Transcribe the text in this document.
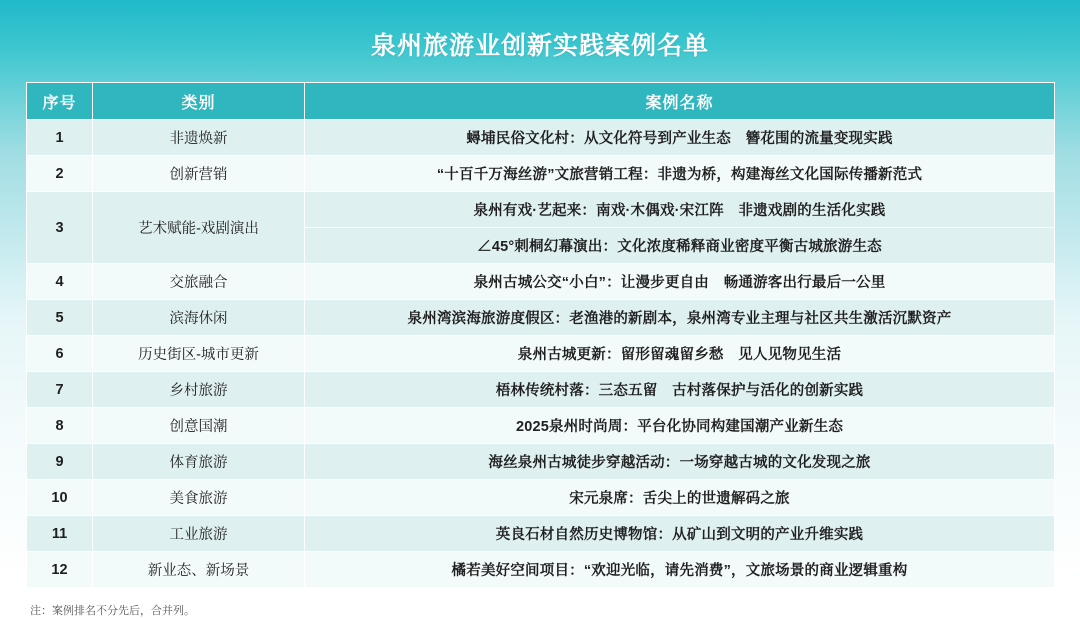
泉州旅游业创新实践案例名单
序号	类别	案例名称
1	非遗焕新	蟳埔民俗文化村：从文化符号到产业生态　簪花围的流量变现实践
2	创新营销	“十百千万海丝游”文旅营销工程：非遗为桥，构建海丝文化国际传播新范式
3	艺术赋能-戏剧演出	泉州有戏·艺起来：南戏·木偶戏·宋江阵　非遗戏剧的生活化实践
		∠45°刺桐幻幕演出：文化浓度稀释商业密度平衡古城旅游生态
4	交旅融合	泉州古城公交“小白”：让漫步更自由　畅通游客出行最后一公里
5	滨海休闲	泉州湾滨海旅游度假区：老渔港的新剧本，泉州湾专业主理与社区共生激活沉默资产
6	历史街区-城市更新	泉州古城更新：留形留魂留乡愁　见人见物见生活
7	乡村旅游	梧林传统村落：三态五留　古村落保护与活化的创新实践
8	创意国潮	2025泉州时尚周：平台化协同构建国潮产业新生态
9	体育旅游	海丝泉州古城徒步穿越活动：一场穿越古城的文化发现之旅
10	美食旅游	宋元泉席：舌尖上的世遗解码之旅
11	工业旅游	英良石材自然历史博物馆：从矿山到文明的产业升维实践
12	新业态、新场景	橘若美好空间项目：“欢迎光临，请先消费”，文旅场景的商业逻辑重构
注：案例排名不分先后，合并列。
